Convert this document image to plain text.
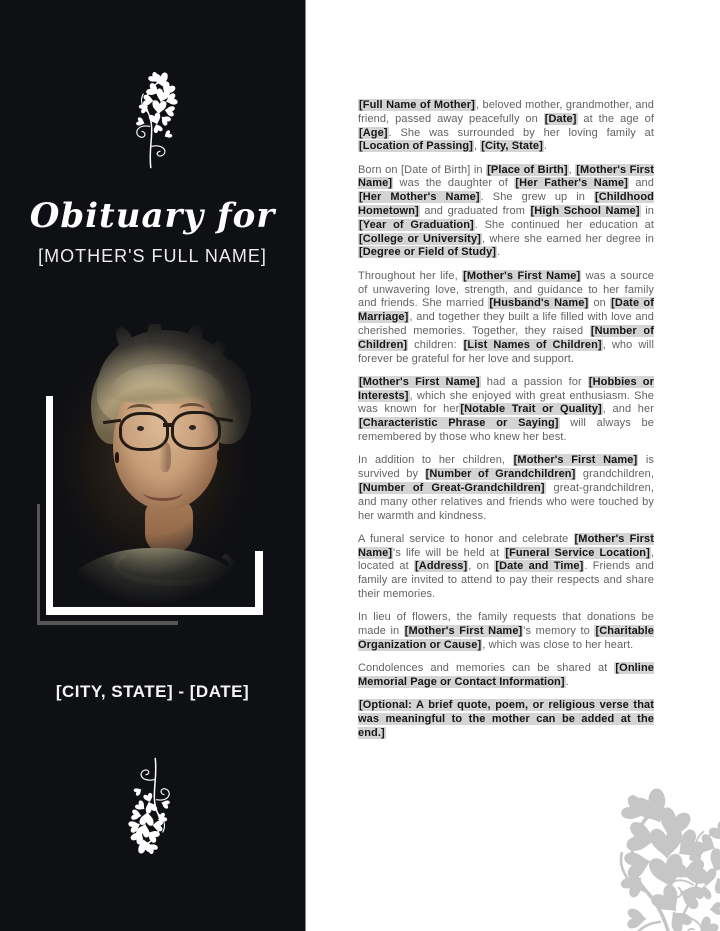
Obituary for
[MOTHER'S FULL NAME]
[CITY, STATE] - [DATE]

[Full Name of Mother], beloved mother, grandmother, and friend, passed away peacefully on [Date] at the age of [Age]. She was surrounded by her loving family at [Location of Passing], [City, State].

Born on [Date of Birth] in [Place of Birth], [Mother's First Name] was the daughter of [Her Father's Name] and [Her Mother's Name]. She grew up in [Childhood Hometown] and graduated from [High School Name] in [Year of Graduation]. She continued her education at [College or University], where she earned her degree in [Degree or Field of Study].

Throughout her life, [Mother's First Name] was a source of unwavering love, strength, and guidance to her family and friends. She married [Husband's Name] on [Date of Marriage], and together they built a life filled with love and cherished memories. Together, they raised [Number of Children] children: [List Names of Children], who will forever be grateful for her love and support.

[Mother's First Name] had a passion for [Hobbies or Interests], which she enjoyed with great enthusiasm. She was known for her[Notable Trait or Quality], and her [Characteristic Phrase or Saying] will always be remembered by those who knew her best.

In addition to her children, [Mother's First Name] is survived by [Number of Grandchildren] grandchildren, [Number of Great-Grandchildren] great-grandchildren, and many other relatives and friends who were touched by her warmth and kindness.

A funeral service to honor and celebrate [Mother's First Name]'s life will be held at [Funeral Service Location], located at [Address], on [Date and Time]. Friends and family are invited to attend to pay their respects and share their memories.

In lieu of flowers, the family requests that donations be made in [Mother's First Name]'s memory to [Charitable Organization or Cause], which was close to her heart.

Condolences and memories can be shared at [Online Memorial Page or Contact Information].

[Optional: A brief quote, poem, or religious verse that was meaningful to the mother can be added at the end.]
